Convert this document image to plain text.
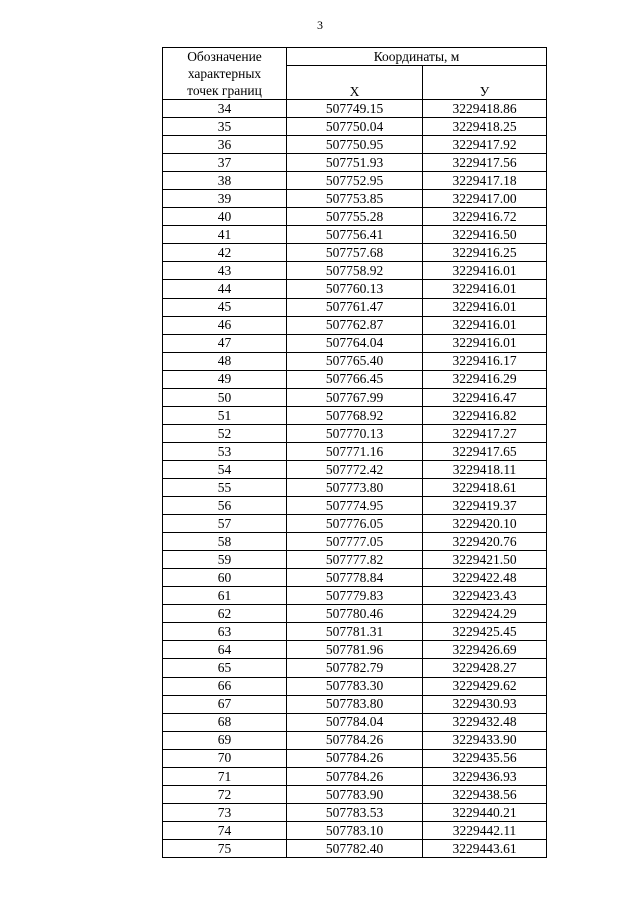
3
Обозначение
характерных
точек границ	Координаты, м	
	X	У

34	507749.15	3229418.86
35	507750.04	3229418.25
36	507750.95	3229417.92
37	507751.93	3229417.56
38	507752.95	3229417.18
39	507753.85	3229417.00
40	507755.28	3229416.72
41	507756.41	3229416.50
42	507757.68	3229416.25
43	507758.92	3229416.01
44	507760.13	3229416.01
45	507761.47	3229416.01
46	507762.87	3229416.01
47	507764.04	3229416.01
48	507765.40	3229416.17
49	507766.45	3229416.29
50	507767.99	3229416.47
51	507768.92	3229416.82
52	507770.13	3229417.27
53	507771.16	3229417.65
54	507772.42	3229418.11
55	507773.80	3229418.61
56	507774.95	3229419.37
57	507776.05	3229420.10
58	507777.05	3229420.76
59	507777.82	3229421.50
60	507778.84	3229422.48
61	507779.83	3229423.43
62	507780.46	3229424.29
63	507781.31	3229425.45
64	507781.96	3229426.69
65	507782.79	3229428.27
66	507783.30	3229429.62
67	507783.80	3229430.93
68	507784.04	3229432.48
69	507784.26	3229433.90
70	507784.26	3229435.56
71	507784.26	3229436.93
72	507783.90	3229438.56
73	507783.53	3229440.21
74	507783.10	3229442.11
75	507782.40	3229443.61
